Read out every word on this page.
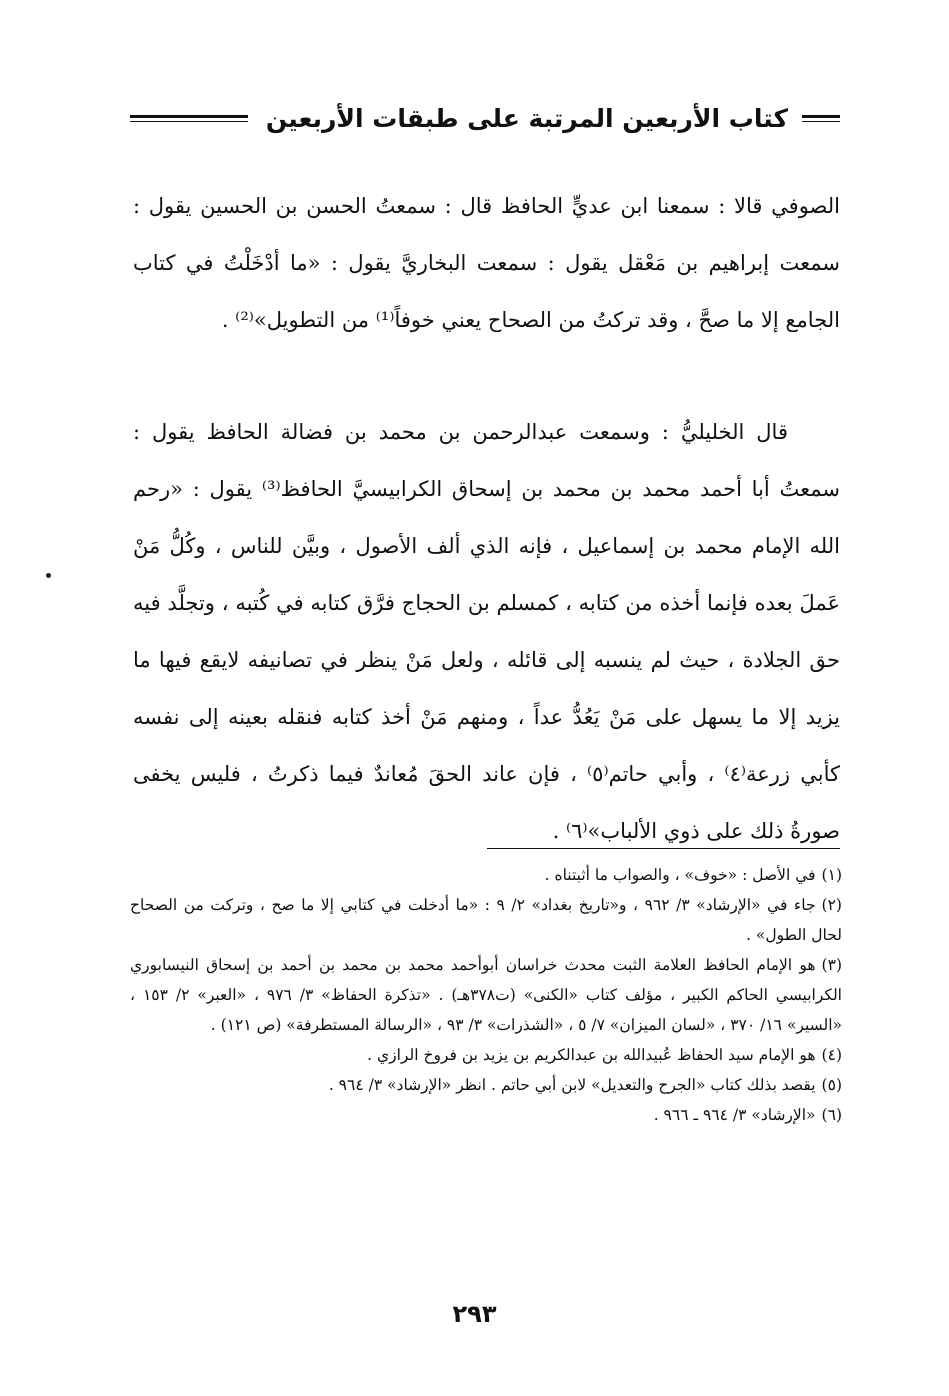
كتاب الأربعين المرتبة على طبقات الأربعين

الصوفي قالا : سمعنا ابن عديٍّ الحافظ قال : سمعتُ الحسن بن الحسين يقول : سمعت إبراهيم بن مَعْقل يقول : سمعت البخاريَّ يقول : «ما أدْخَلْتُ في كتاب الجامع إلا ما صحَّ ، وقد تركتُ من الصحاح يعني خوفاً⁽¹⁾ من التطويل»⁽²⁾ .

قال الخليليُّ : وسمعت عبدالرحمن بن محمد بن فضالة الحافظ يقول : سمعتُ أبا أحمد محمد بن محمد بن إسحاق الكرابيسيَّ الحافظ⁽³⁾ يقول : «رحم الله الإمام محمد بن إسماعيل ، فإنه الذي ألف الأصول ، وبيَّن للناس ، وكُلُّ مَنْ عَملَ بعده فإنما أخذه من كتابه ، كمسلم بن الحجاج فرَّق كتابه في كُتبه ، وتجلَّد فيه حق الجلادة ، حيث لم ينسبه إلى قائله ، ولعل مَنْ ينظر في تصانيفه لايقع فيها ما يزيد إلا ما يسهل على مَنْ يَعُدُّ عداً ، ومنهم مَنْ أخذ كتابه فنقله بعينه إلى نفسه كأبي زرعة⁽٤⁾ ، وأبي حاتم⁽٥⁾ ، فإن عاند الحقَ مُعاندٌ فيما ذكرتُ ، فليس يخفى صورةُ ذلك على ذوي الألباب»⁽٦⁾ .

(١)في الأصل : «خوف» ، والصواب ما أثبتناه .

(٢)جاء في «الإرشاد» ٣/ ٩٦٢ ، و«تاريخ بغداد» ٢/ ٩ : «ما أدخلت في كتابي إلا ما صح ، وتركت من الصحاح لحال الطول» .

(٣)هو الإمام الحافظ العلامة الثبت محدث خراسان أبوأحمد محمد بن محمد بن أحمد بن إسحاق النيسابوري الكرابيسي الحاكم الكبير ، مؤلف كتاب «الكنى» (ت٣٧٨هـ) . «تذكرة الحفاظ» ٣/ ٩٧٦ ، «العبر» ٢/ ١٥٣ ، «السير» ١٦/ ٣٧٠ ، «لسان الميزان» ٧/ ٥ ، «الشذرات» ٣/ ٩٣ ، «الرسالة المستطرفة» (ص ١٢١) .

(٤)هو الإمام سيد الحفاظ عُبيدالله بن عبدالكريم بن يزيد بن فروخ الرازي .

(٥)يقصد بذلك كتاب «الجرح والتعديل» لابن أبي حاتم . انظر «الإرشاد» ٣/ ٩٦٤ .

(٦)«الإرشاد» ٣/ ٩٦٤ ـ ٩٦٦ .

٢٩٣
